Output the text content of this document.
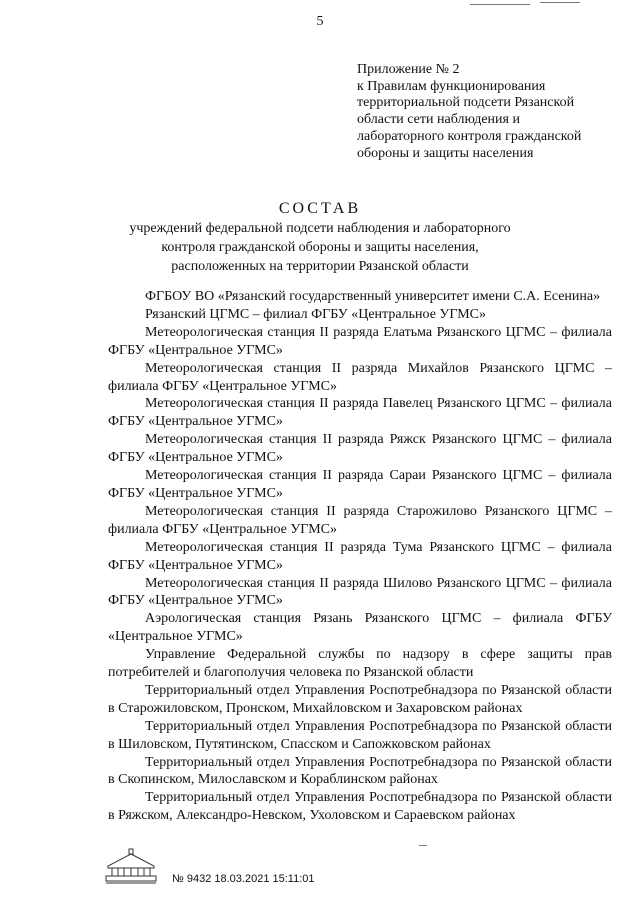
5
Приложение № 2
к Правилам функционирования
территориальной подсети Рязанской
области сети наблюдения и
лабораторного контроля гражданской
обороны и защиты населения
СОСТАВ
учреждений федеральной подсети наблюдения и лабораторного
контроля гражданской обороны и защиты населения,
расположенных на территории Рязанской области

ФГБОУ ВО «Рязанский государственный университет имени С.А. Есенина»

Рязанский ЦГМС – филиал ФГБУ «Центральное УГМС»

Метеорологическая станция II разряда Елатьма Рязанского ЦГМС – филиала ФГБУ «Центральное УГМС»

Метеорологическая станция II разряда Михайлов Рязанского ЦГМС – филиала ФГБУ «Центральное УГМС»

Метеорологическая станция II разряда Павелец Рязанского ЦГМС – филиала ФГБУ «Центральное УГМС»

Метеорологическая станция II разряда Ряжск Рязанского ЦГМС – филиала ФГБУ «Центральное УГМС»

Метеорологическая станция II разряда Сараи Рязанского ЦГМС – филиала ФГБУ «Центральное УГМС»

Метеорологическая станция II разряда Старожилово Рязанского ЦГМС – филиала ФГБУ «Центральное УГМС»

Метеорологическая станция II разряда Тума Рязанского ЦГМС – филиала ФГБУ «Центральное УГМС»

Метеорологическая станция II разряда Шилово Рязанского ЦГМС – филиала ФГБУ «Центральное УГМС»

Аэрологическая станция Рязань Рязанского ЦГМС – филиала ФГБУ «Центральное УГМС»

Управление Федеральной службы по надзору в сфере защиты прав потребителей и благополучия человека по Рязанской области

Территориальный отдел Управления Роспотребнадзора по Рязанской области в Старожиловском, Пронском, Михайловском и Захаровском районах

Территориальный отдел Управления Роспотребнадзора по Рязанской области в Шиловском, Путятинском, Спасском и Сапожковском районах

Территориальный отдел Управления Роспотребнадзора по Рязанской области в Скопинском, Милославском и Кораблинском районах

Территориальный отдел Управления Роспотребнадзора по Рязанской области в Ряжском, Александро-Невском, Ухоловском и Сараевском районах

№ 9432 18.03.2021 15:11:01
